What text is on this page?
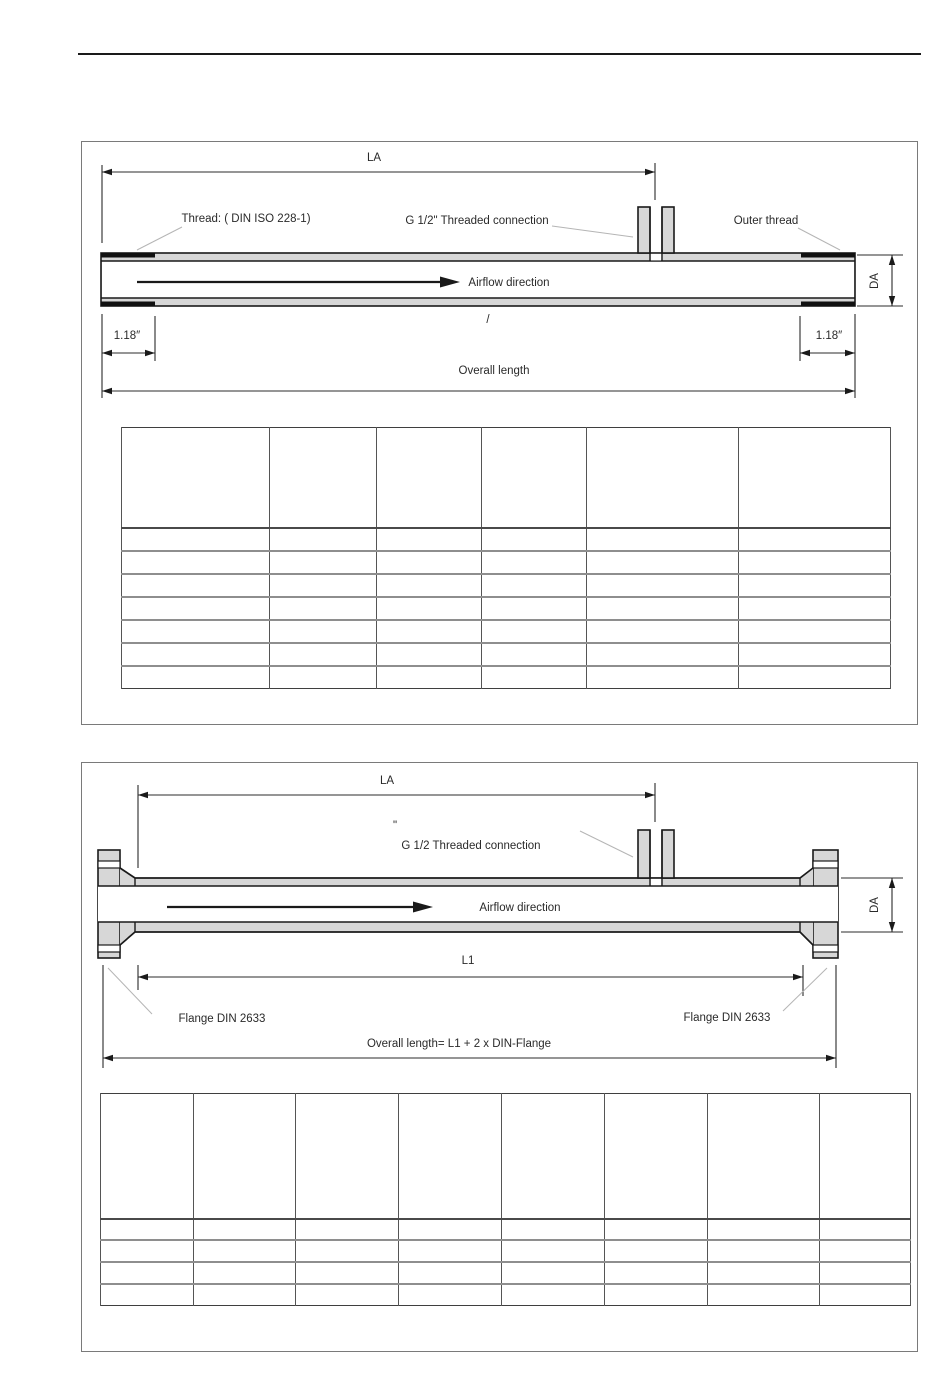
LA
Thread: ( DIN ISO 228-1)	G 1/2" Threaded connection	Outer thread
Airflow direction
/
DA
1.18″	1.18″
Overall length

LA
"
G 1/2 Threaded connection
Airflow direction	DA
L1
Flange DIN 2633	Flange DIN 2633
Overall length= L1 + 2 x DIN-Flange
